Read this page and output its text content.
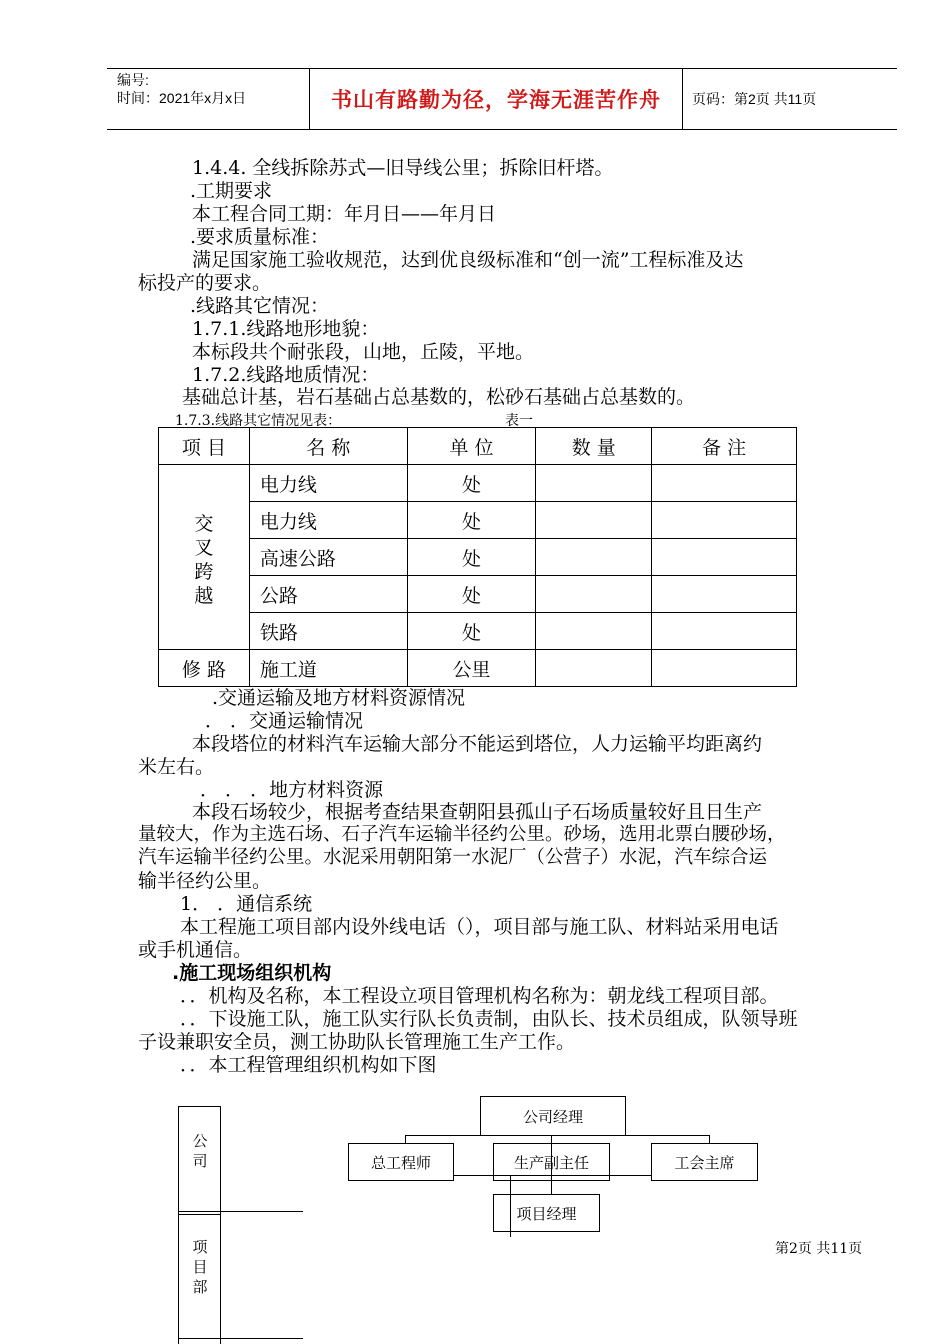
编号:
时间：2021年x月x日	书山有路勤为径，学海无涯苦作舟	页码：第2页 共11页
1.4.4. 全线拆除苏式—旧导线公里；拆除旧杆塔。
.工期要求
本工程合同工期：年月日——年月日
.要求质量标准：
满足国家施工验收规范，达到优良级标准和“创一流”工程标准及达
标投产的要求。
.线路其它情况：
1.7.1.线路地形地貌：
本标段共个耐张段，山地，丘陵，平地。
1.7.2.线路地质情况：
基础总计基，岩石基础占总基数的，松砂石基础占总基数的。
1.7.3.线路其它情况见表：	表一
项 目	名 称	单 位	数 量	备 注

交
叉
跨
越	电力线	处		
	电力线	处		
	高速公路	处		
	公路	处		
	铁路	处		
修 路	施工道	公里		
.交通运输及地方材料资源情况
． ．交通运输情况
本段塔位的材料汽车运输大部分不能运到塔位，人力运输平均距离约
米左右。
． ． ．地方材料资源
本段石场较少，根据考查结果查朝阳县孤山子石场质量较好且日生产
量较大，作为主选石场、石子汽车运输半径约公里。砂场，选用北票白腰砂场，
汽车运输半径约公里。水泥采用朝阳第一水泥厂（公营子）水泥，汽车综合运
输半径约公里。
1． ．通信系统
本工程施工项目部内设外线电话（），项目部与施工队、材料站采用电话
或手机通信。
.施工现场组织机构
．．机构及名称，本工程设立项目管理机构名称为：朝龙线工程项目部。
．．下设施工队，施工队实行队长负责制，由队长、技术员组成，队领导班
子设兼职安全员，测工协助队长管理施工生产工作。
．．本工程管理组织机构如下图
公
司
项
目
部
公司经理
总工程师	生产副主任	工会主席
项目经理
第2页 共11页
